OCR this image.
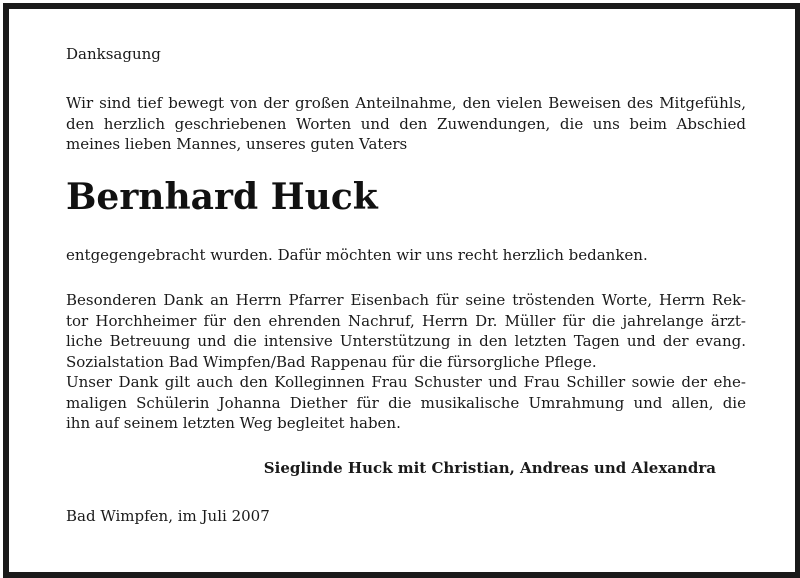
Danksagung
Wir sind tief bewegt von der großen Anteilnahme, den vielen Beweisen des Mitgefühls,
den herzlich geschriebenen Worten und den Zuwendungen, die uns beim Abschied
meines lieben Mannes, unseres guten Vaters
Bernhard Huck
entgegengebracht wurden. Dafür möchten wir uns recht herzlich bedanken.
Besonderen Dank an Herrn Pfarrer Eisenbach für seine tröstenden Worte, Herrn Rek-
tor Horchheimer für den ehrenden Nachruf, Herrn Dr. Müller für die jahrelange ärzt-
liche Betreuung und die intensive Unterstützung in den letzten Tagen und der evang.
Sozialstation Bad Wimpfen/Bad Rappenau für die fürsorgliche Pflege.
Unser Dank gilt auch den Kolleginnen Frau Schuster und Frau Schiller sowie der ehe-
maligen Schülerin Johanna Diether für die musikalische Umrahmung und allen, die
ihn auf seinem letzten Weg begleitet haben.
Sieglinde Huck mit Christian, Andreas und Alexandra
Bad Wimpfen, im Juli 2007
